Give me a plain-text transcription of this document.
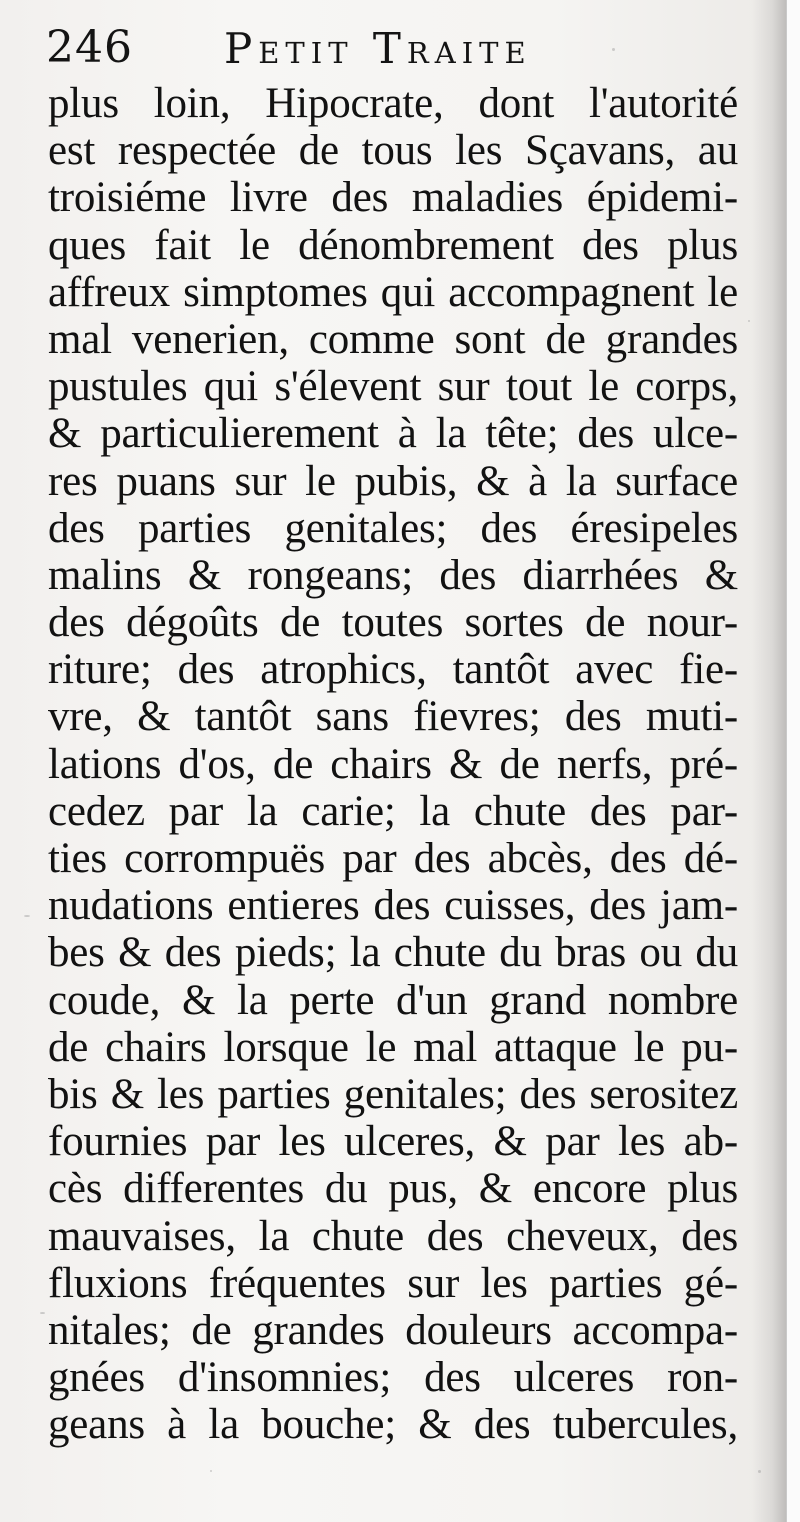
246 Petit Traite
plus loin, Hipocrate, dont l'autorité
est respectée de tous les Sçavans, au
troisiéme livre des maladies épidemi-
ques fait le dénombrement des plus
affreux simptomes qui accompagnent le
mal venerien, comme sont de grandes
pustules qui s'élevent sur tout le corps,
& particulierement à la tête; des ulce-
res puans sur le pubis, & à la surface
des parties genitales; des éresipeles
malins & rongeans; des diarrhées &
des dégoûts de toutes sortes de nour-
riture; des atrophics, tantôt avec fie-
vre, & tantôt sans fievres; des muti-
lations d'os, de chairs & de nerfs, pré-
cedez par la carie; la chute des par-
ties corrompuës par des abcès, des dé-
nudations entieres des cuisses, des jam-
bes & des pieds; la chute du bras ou du
coude, & la perte d'un grand nombre
de chairs lorsque le mal attaque le pu-
bis & les parties genitales; des serositez
fournies par les ulceres, & par les ab-
cès differentes du pus, & encore plus
mauvaises, la chute des cheveux, des
fluxions fréquentes sur les parties gé-
nitales; de grandes douleurs accompa-
gnées d'insomnies; des ulceres ron-
geans à la bouche; & des tubercules,
